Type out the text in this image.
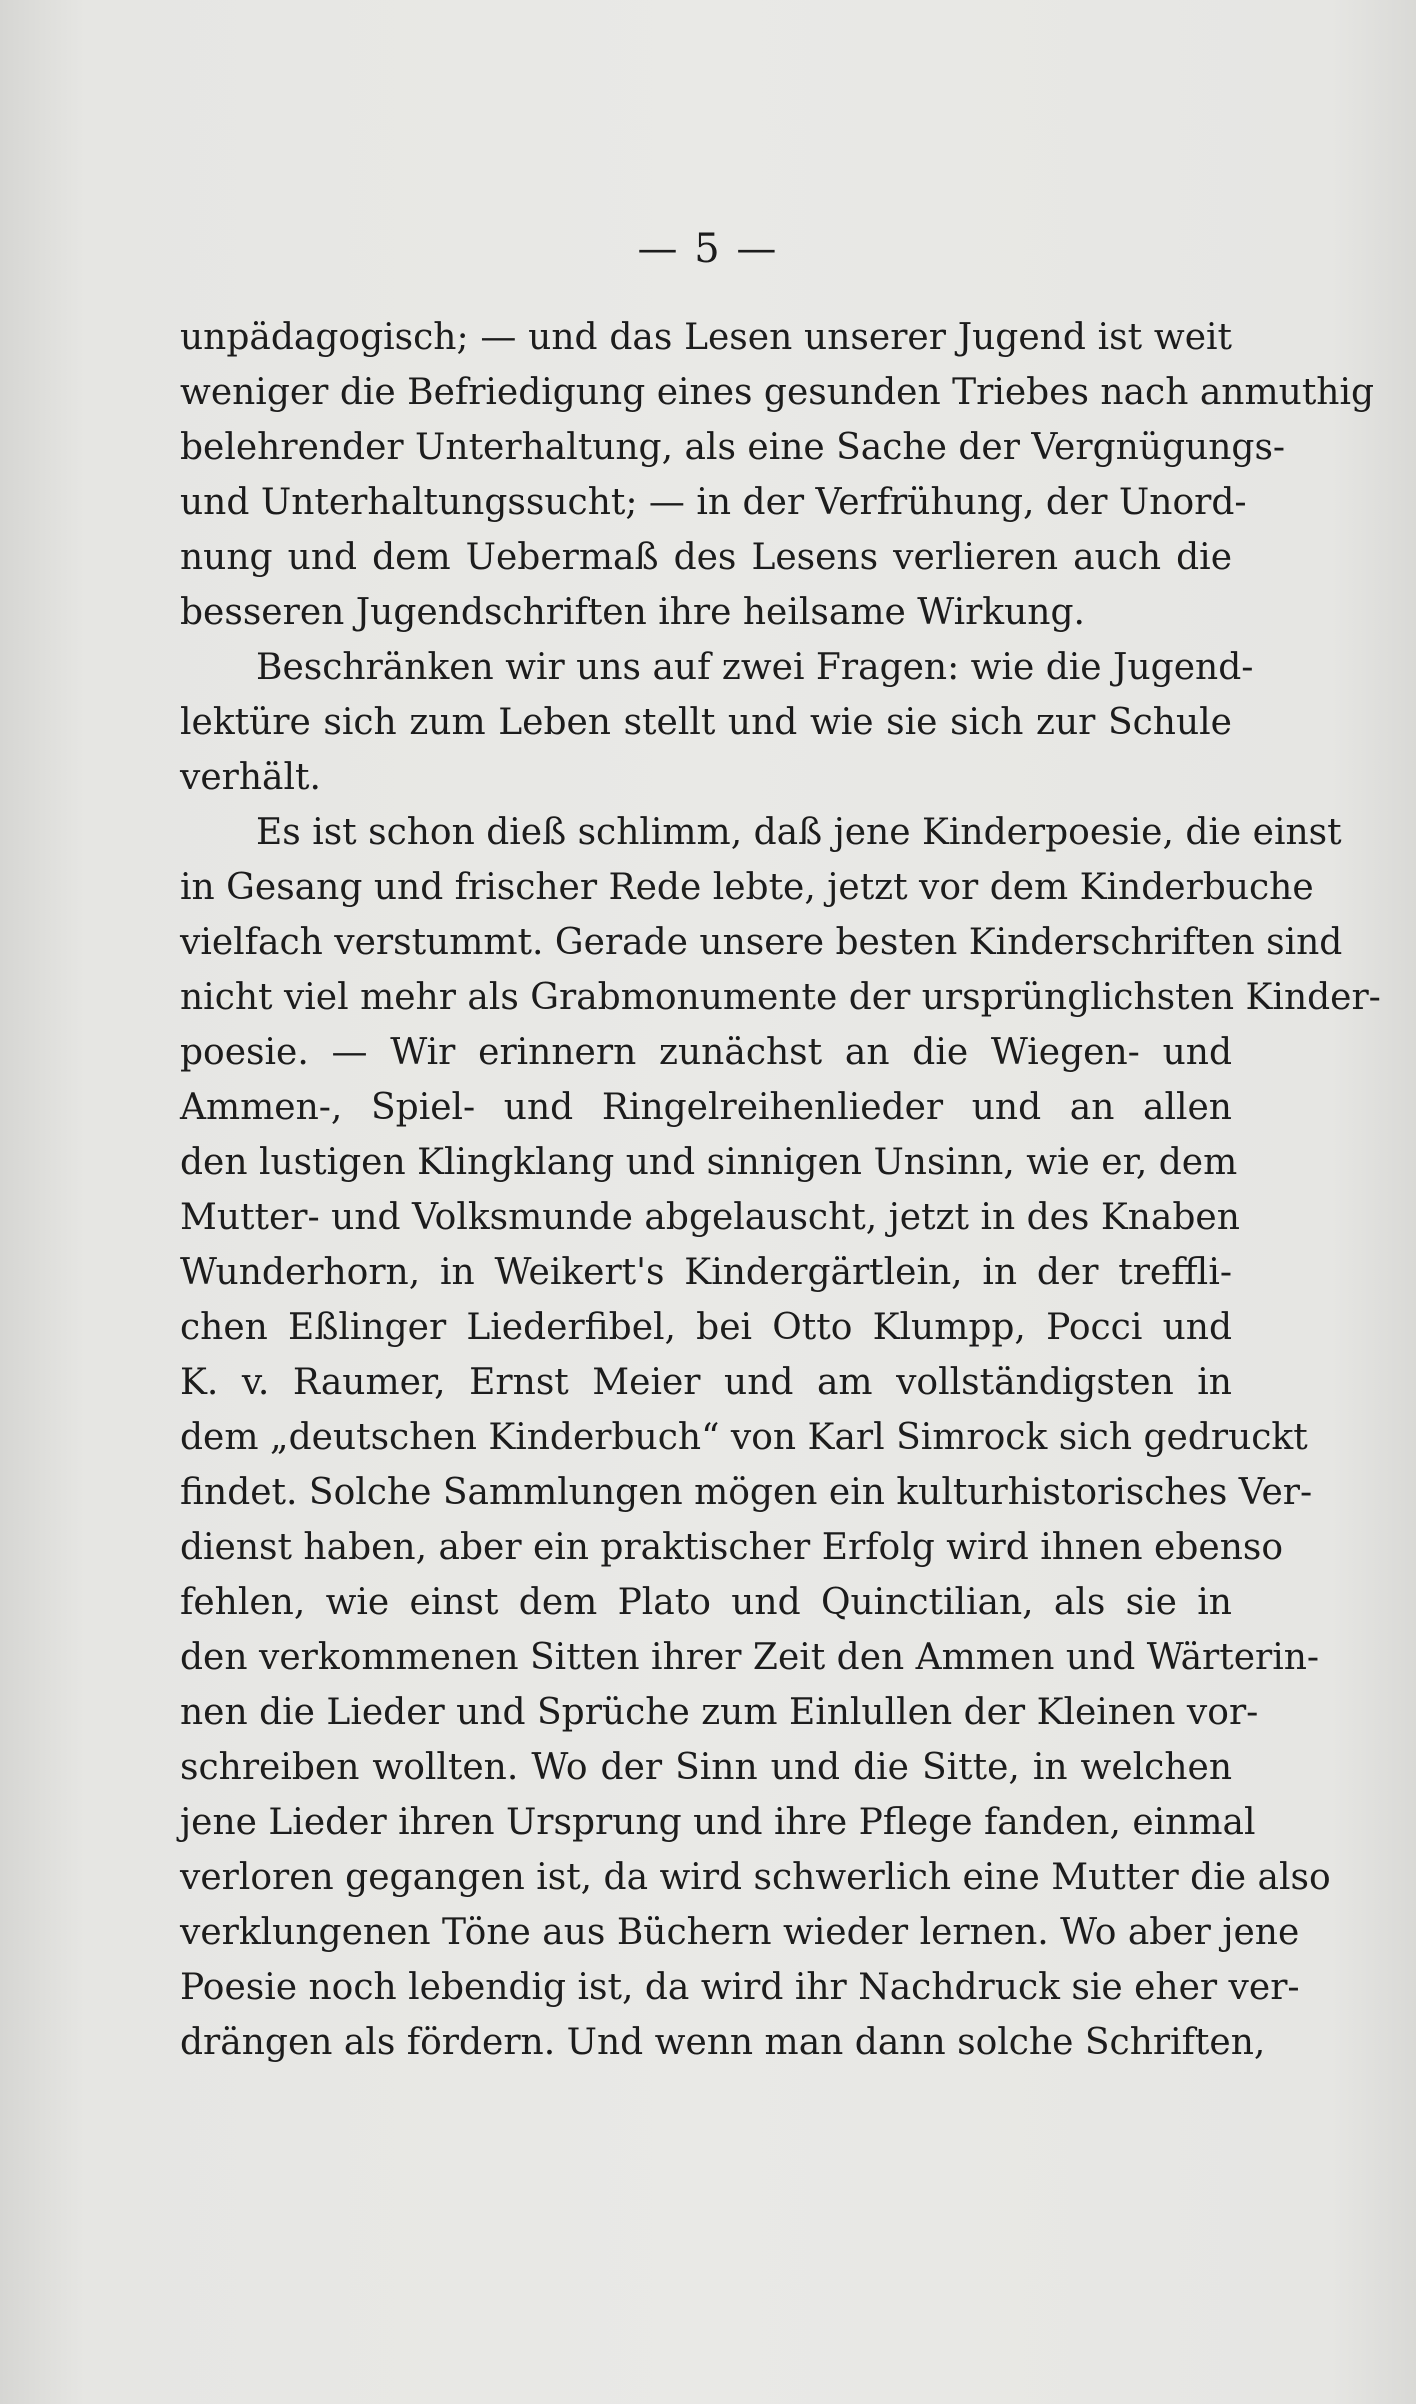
— 5 —
unpädagogisch; — und das Lesen unserer Jugend ist weit
weniger die Befriedigung eines gesunden Triebes nach anmuthig
belehrender Unterhaltung, als eine Sache der Vergnügungs-
und Unterhaltungssucht; — in der Verfrühung, der Unord-
nung und dem Uebermaß des Lesens verlieren auch die
besseren Jugendschriften ihre heilsame Wirkung.
Beschränken wir uns auf zwei Fragen: wie die Jugend-
lektüre sich zum Leben stellt und wie sie sich zur Schule
verhält.
Es ist schon dieß schlimm, daß jene Kinderpoesie, die einst
in Gesang und frischer Rede lebte, jetzt vor dem Kinderbuche
vielfach verstummt. Gerade unsere besten Kinderschriften sind
nicht viel mehr als Grabmonumente der ursprünglichsten Kinder-
poesie. — Wir erinnern zunächst an die Wiegen- und
Ammen-, Spiel- und Ringelreihenlieder und an allen
den lustigen Klingklang und sinnigen Unsinn, wie er, dem
Mutter- und Volksmunde abgelauscht, jetzt in des Knaben
Wunderhorn, in Weikert's Kindergärtlein, in der treffli-
chen Eßlinger Liederfibel, bei Otto Klumpp, Pocci und
K. v. Raumer, Ernst Meier und am vollständigsten in
dem „deutschen Kinderbuch“ von Karl Simrock sich gedruckt
findet. Solche Sammlungen mögen ein kulturhistorisches Ver-
dienst haben, aber ein praktischer Erfolg wird ihnen ebenso
fehlen, wie einst dem Plato und Quinctilian, als sie in
den verkommenen Sitten ihrer Zeit den Ammen und Wärterin-
nen die Lieder und Sprüche zum Einlullen der Kleinen vor-
schreiben wollten. Wo der Sinn und die Sitte, in welchen
jene Lieder ihren Ursprung und ihre Pflege fanden, einmal
verloren gegangen ist, da wird schwerlich eine Mutter die also
verklungenen Töne aus Büchern wieder lernen. Wo aber jene
Poesie noch lebendig ist, da wird ihr Nachdruck sie eher ver-
drängen als fördern. Und wenn man dann solche Schriften,
